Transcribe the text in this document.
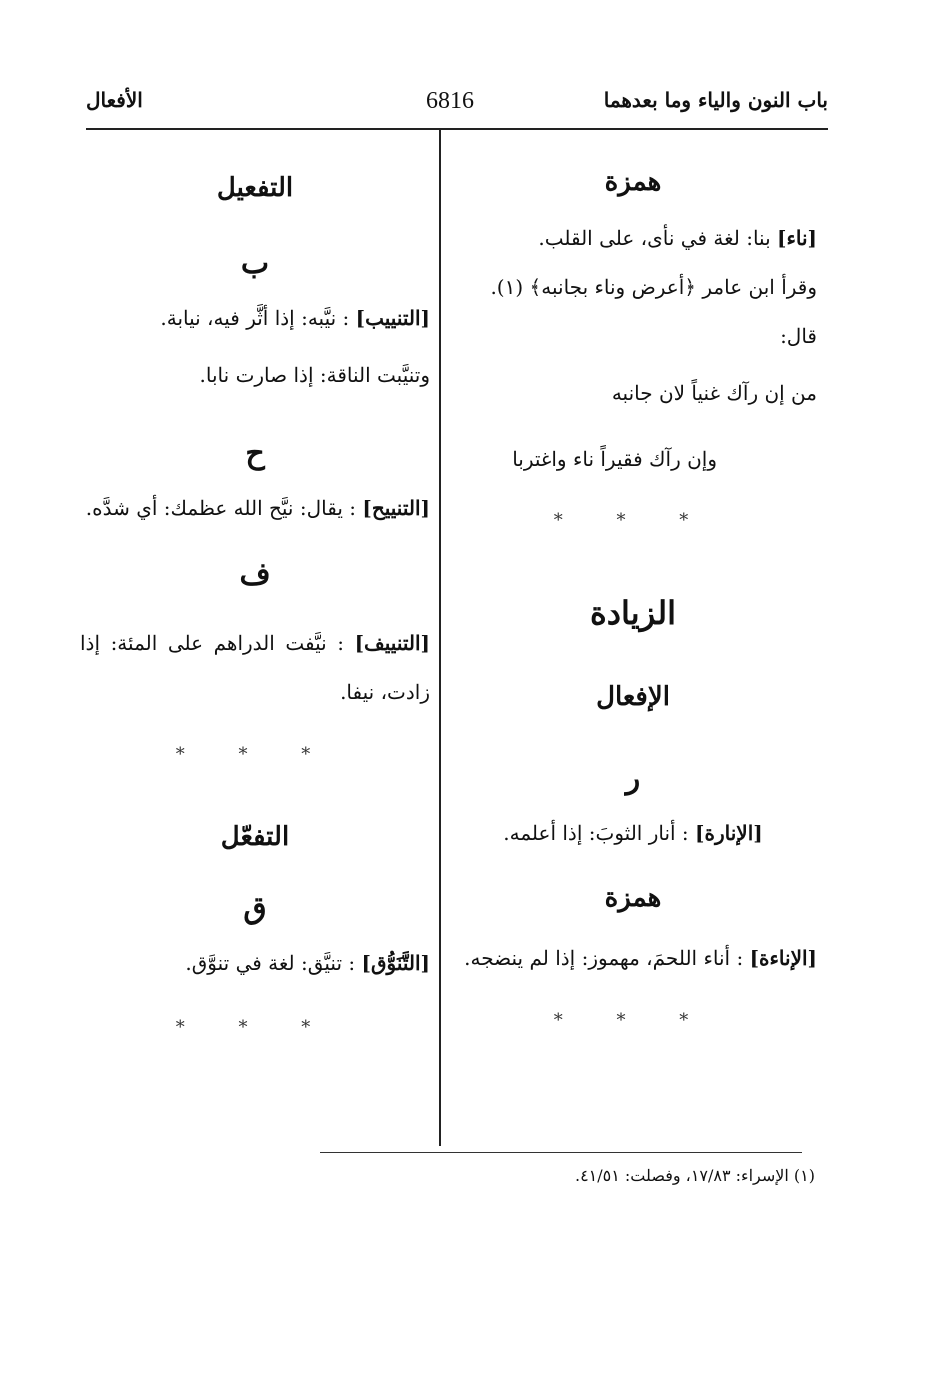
باب النون والياء وما بعدهما
6816
الأفعال
همزة
[ناء] بنا: لغة في نأى، على القلب.
وقرأ ابن عامر ﴿أعرض وناء بجانبه﴾ (١).
قال:
من إن رآك غنياً لان جانبه
وإن رآك فقيراً ناء واغتربا
* * *
الزيادة
الإفعال
ر
[الإنارة] : أنار الثوبَ: إذا أعلمه.
همزة
[الإناءة] : أناء اللحمَ، مهموز: إذا لم ينضجه.
* * *
التفعيل
ب
[التنييب] : نيَّبه: إذا أثَّر فيه، نيابة.
وتنيَّبت الناقة: إذا صارت نابا.
ح
[التنييح] : يقال: نيَّح الله عظمك: أي شدَّه.
ف
[التنييف] : نيَّفت الدراهم على المئة: إذا زادت، نيفا.
* * *
التفعّل
ق
[التَّنَوُّق] : تنيَّق: لغة في تنوَّق.
* * *
(١) الإسراء: ١٧/٨٣، وفصلت: ٤١/٥١.
